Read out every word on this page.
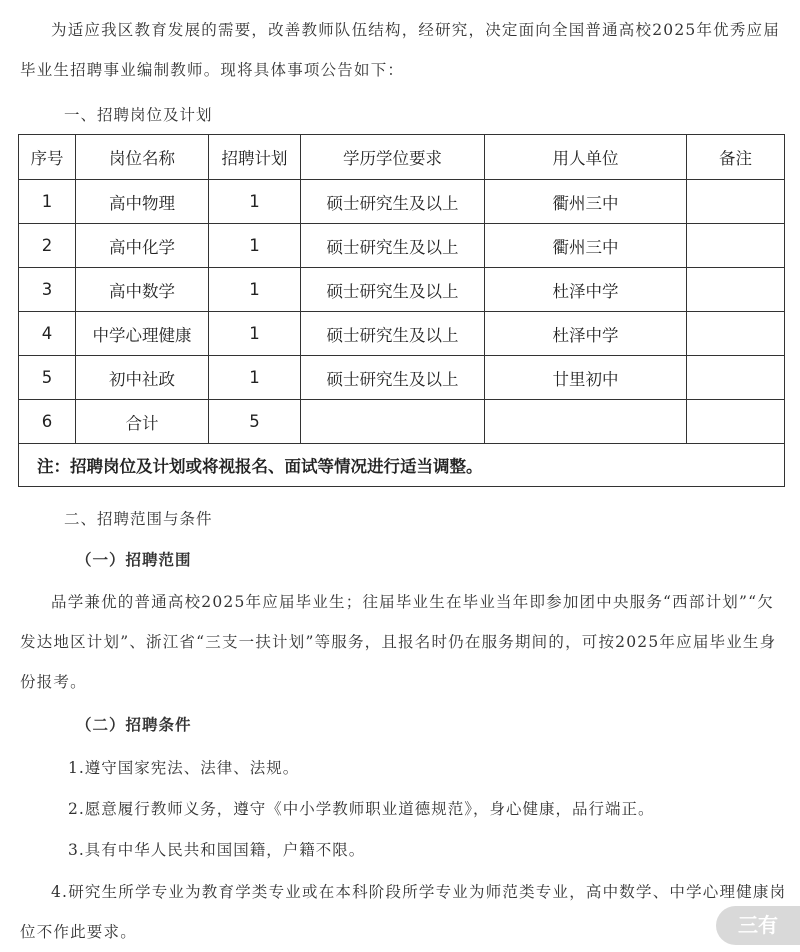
为适应我区教育发展的需要，改善教师队伍结构，经研究，决定面向全国普通高校2025年优秀应届毕业生招聘事业编制教师。现将具体事项公告如下：

一、招聘岗位及计划

序号	岗位名称	招聘计划	学历学位要求	用人单位	备注
1	高中物理	1	硕士研究生及以上	衢州三中	
2	高中化学	1	硕士研究生及以上	衢州三中	
3	高中数学	1	硕士研究生及以上	杜泽中学	
4	中学心理健康	1	硕士研究生及以上	杜泽中学	
5	初中社政	1	硕士研究生及以上	廿里初中	
6	合计	5			
注：招聘岗位及计划或将视报名、面试等情况进行适当调整。					

二、招聘范围与条件

（一）招聘范围

品学兼优的普通高校2025年应届毕业生；往届毕业生在毕业当年即参加团中央服务“西部计划”“欠发达地区计划”、浙江省“三支一扶计划”等服务，且报名时仍在服务期间的，可按2025年应届毕业生身份报考。

（二）招聘条件

1.遵守国家宪法、法律、法规。

2.愿意履行教师义务，遵守《中小学教师职业道德规范》，身心健康，品行端正。

3.具有中华人民共和国国籍，户籍不限。

4.研究生所学专业为教育学类专业或在本科阶段所学专业为师范类专业，高中数学、中学心理健康岗位不作此要求。	三有
